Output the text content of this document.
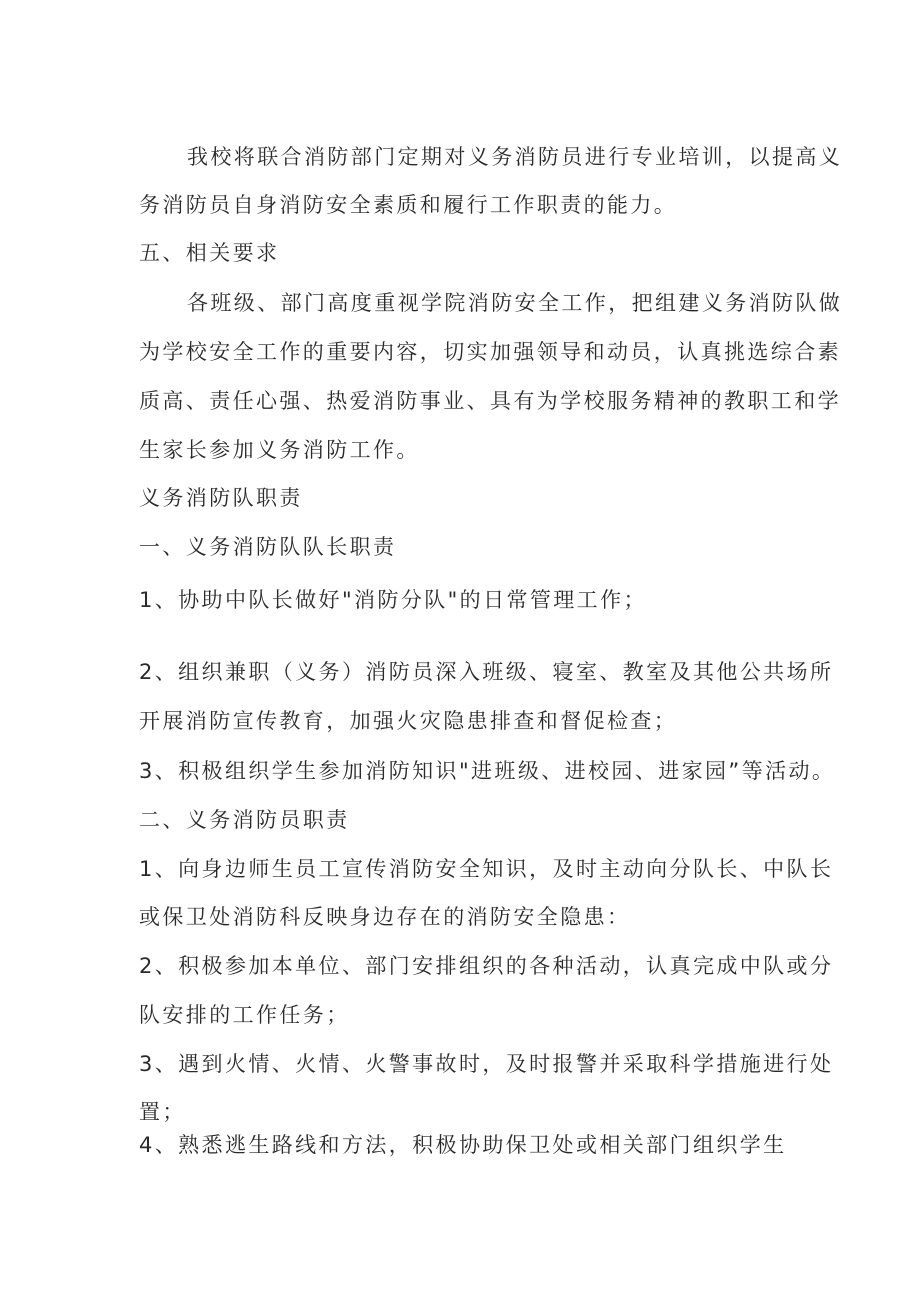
我校将联合消防部门定期对义务消防员进行专业培训，以提高义
务消防员自身消防安全素质和履行工作职责的能力。
五、相关要求
各班级、部门高度重视学院消防安全工作，把组建义务消防队做
为学校安全工作的重要内容，切实加强领导和动员，认真挑选综合素
质高、责任心强、热爱消防事业、具有为学校服务精神的教职工和学
生家长参加义务消防工作。
义务消防队职责
一、义务消防队队长职责
1、协助中队长做好"消防分队"的日常管理工作；
2、组织兼职（义务）消防员深入班级、寝室、教室及其他公共场所
开展消防宣传教育，加强火灾隐患排查和督促检查；
3、积极组织学生参加消防知识"进班级、进校园、进家园”等活动。
二、义务消防员职责
1、向身边师生员工宣传消防安全知识，及时主动向分队长、中队长
或保卫处消防科反映身边存在的消防安全隐患：
2、积极参加本单位、部门安排组织的各种活动，认真完成中队或分
队安排的工作任务；
3、遇到火情、火情、火警事故时，及时报警并采取科学措施进行处
置；
4、熟悉逃生路线和方法，积极协助保卫处或相关部门组织学生
